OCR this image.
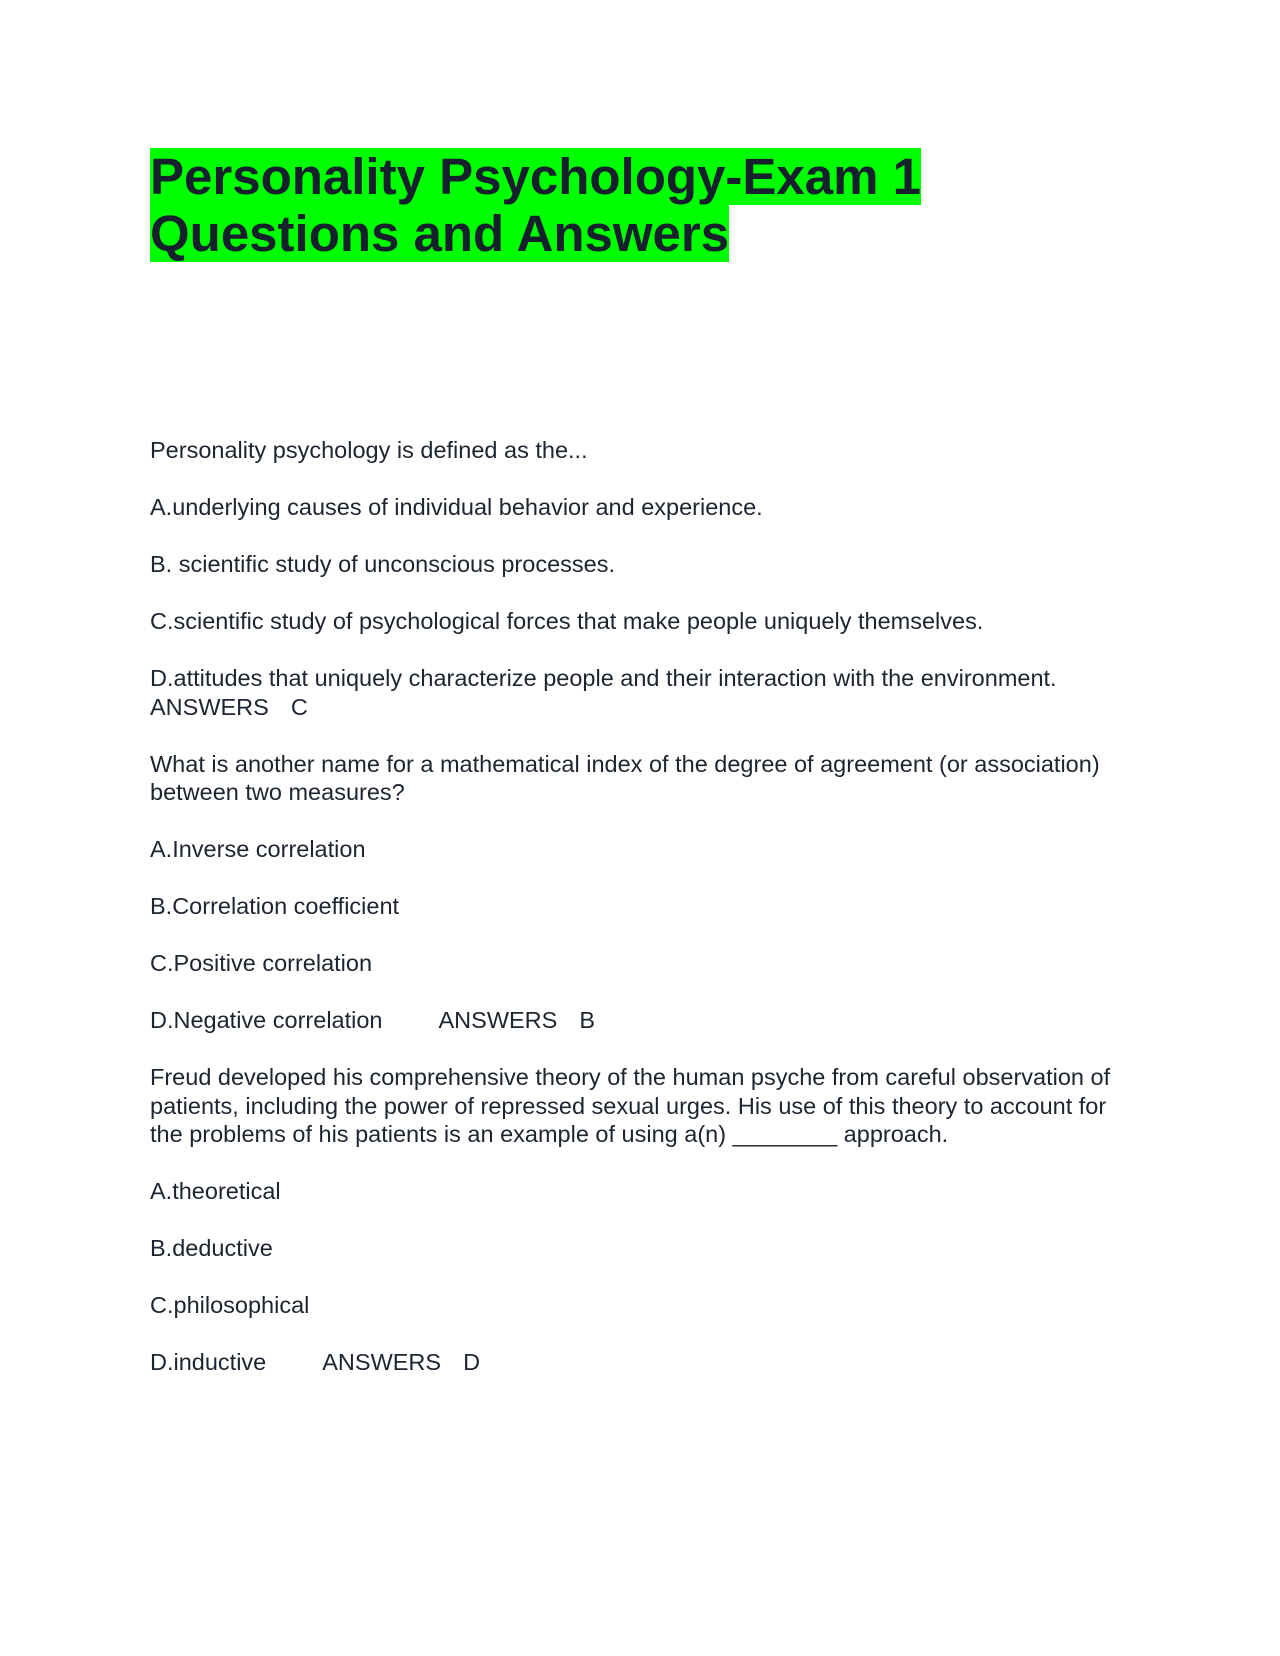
Personality Psychology-Exam 1
Questions and Answers

Personality psychology is defined as the...

A.underlying causes of individual behavior and experience.

B. scientific study of unconscious processes.

C.scientific study of psychological forces that make people uniquely themselves.

D.attitudes that uniquely characterize people and their interaction with the environment.
ANSWERS C

What is another name for a mathematical index of the degree of agreement (or association) between two measures?

A.Inverse correlation

B.Correlation coefficient

C.Positive correlation

D.Negative correlation ANSWERS B

Freud developed his comprehensive theory of the human psyche from careful observation of patients, including the power of repressed sexual urges. His use of this theory to account for the problems of his patients is an example of using a(n) ________ approach.

A.theoretical

B.deductive

C.philosophical

D.inductive ANSWERS D
